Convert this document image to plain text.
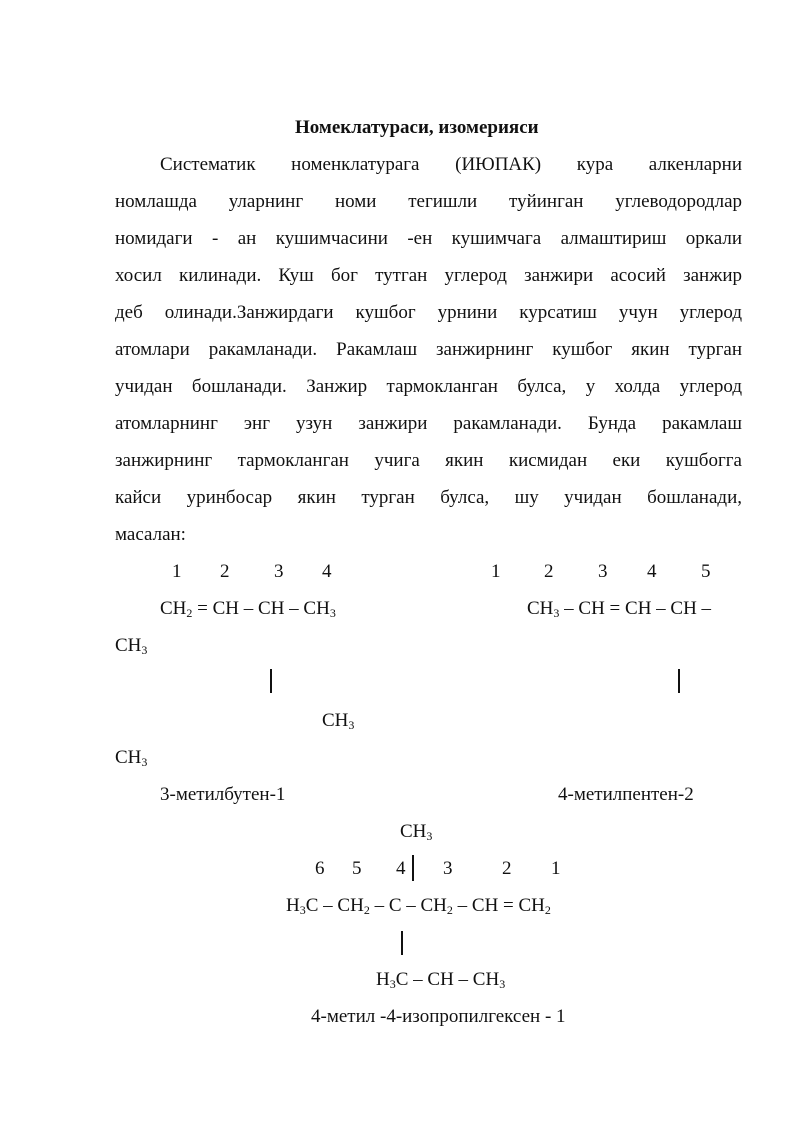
Номеклатураси, изомерияси
Систематик номенклатурага (ИЮПАК) кура алкенларни
номлашда уларнинг номи тегишли туйинган углеводородлар
номидаги - ан кушимчасини -ен кушимчага алмаштириш оркали
хосил килинади. Куш бог тутган углерод занжири асосий занжир
деб олинади.Занжирдаги кушбог урнини курсатиш учун углерод
атомлари ракамланади. Ракамлаш занжирнинг кушбог якин турган
учидан бошланади. Занжир тармокланган булса, у холда углерод
атомларнинг энг узун занжири ракамланади. Бунда ракамлаш
занжирнинг тармокланган учига якин кисмидан еки кушбогга
кайси уринбосар якин турган булса, шу учидан бошланади,
масалан:
1 2 3 4	1 2 3 4 5
$CH_2$ = CH – CH – $CH_3$	$CH_3$ – CH = CH – CH –
$CH_3$
$CH_3$
$CH_3$
3-метилбутен-1	4-метилпентен-2
$CH_3$
6 5 4 3	2 1
$H_3C - CH_2$ – C – $CH_2$ – CH = $CH_2$
$H_3C$ – CH – $CH_3$
4-метил -4-изопропилгексен - 1
